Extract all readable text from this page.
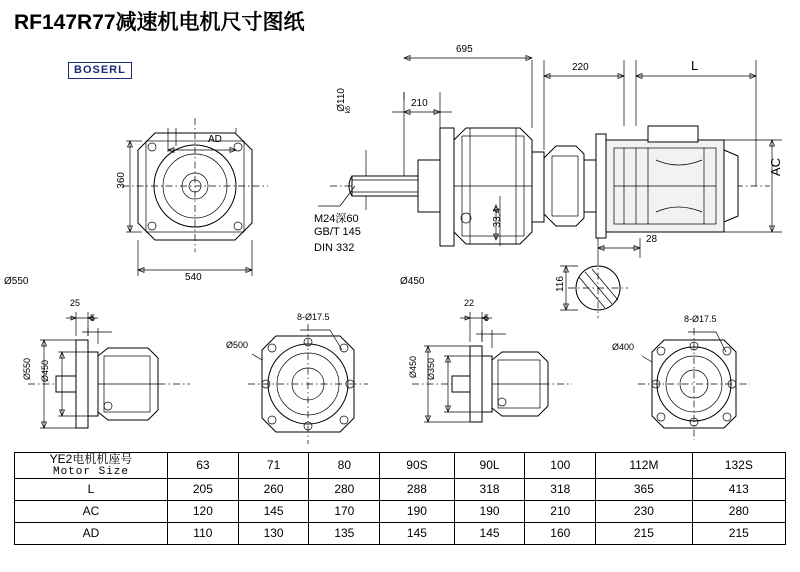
RF147R77减速机电机尺寸图纸
BOSERL
695
210
220	L
Ø110
k6
AD
AC
360
540
Ø550	Ø450
33.4
28
116
25
5
22
5
8-Ø17.5	8-Ø17.5
Ø500	Ø400
Ø550 Ø450	Ø450 Ø350
M24深60
GB/T 145
DIN 332
YE2电机机座号
Motor Size	63	71	80	90S	90L	100	112M	132S
L	205	260	280	288	318	318	365	413
AC	120	145	170	190	190	210	230	280
AD	110	130	135	145	145	160	215	215
